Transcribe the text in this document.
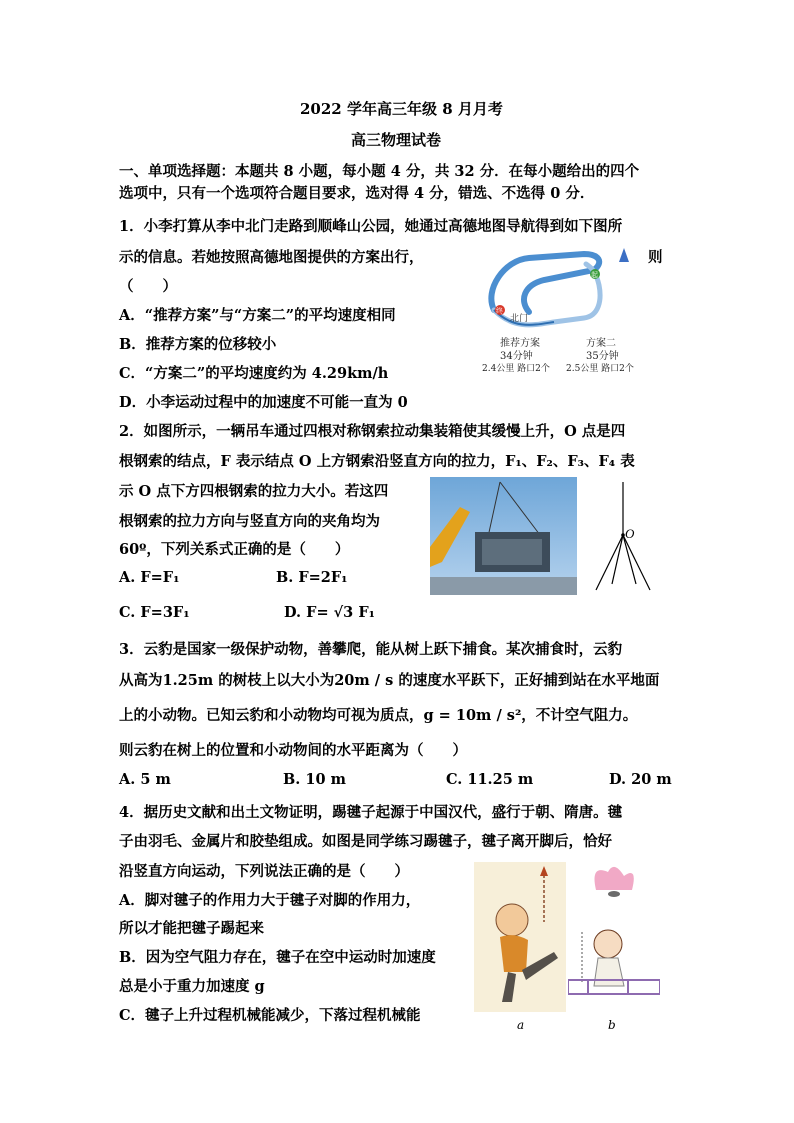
2022 学年高三年级 8 月月考
高三物理试卷
一、单项选择题：本题共 8 小题，每小题 4 分，共 32 分．在每小题给出的四个
选项中，只有一个选项符合题目要求，选对得 4 分，错选、不选得 0 分．
1．小李打算从李中北门走路到顺峰山公园，她通过高德地图导航得到如下图所
示的信息。若她按照高德地图提供的方案出行，	则
（　　）
A．“推荐方案”与“方案二”的平均速度相同
B．推荐方案的位移较小
C．“方案二”的平均速度约为 4.29km/h
D．小李运动过程中的加速度不可能一直为 0
终
北门
起
推荐方案
34分钟
2.4公里 路口2个
方案二
35分钟
2.5公里 路口2个
2．如图所示，一辆吊车通过四根对称钢索拉动集装箱使其缓慢上升，O 点是四
根钢索的结点，F 表示结点 O 上方钢索沿竖直方向的拉力，F₁、F₂、F₃、F₄ 表
示 O 点下方四根钢索的拉力大小。若这四
根钢索的拉力方向与竖直方向的夹角均为
60º，下列关系式正确的是（　　）
A. F=F₁	B. F=2F₁
C. F=3F₁	D. F= √3 F₁
O
3．云豹是国家一级保护动物，善攀爬，能从树上跃下捕食。某次捕食时，云豹
从高为1.25m 的树枝上以大小为20m / s 的速度水平跃下，正好捕到站在水平地面
上的小动物。已知云豹和小动物均可视为质点，g = 10m / s²，不计空气阻力。
则云豹在树上的位置和小动物间的水平距离为（　　）
A. 5 m	B. 10 m	C. 11.25 m	D. 20 m
4．据历史文献和出土文物证明，踢毽子起源于中国汉代，盛行于朝、隋唐。毽
子由羽毛、金属片和胶垫组成。如图是同学练习踢毽子，毽子离开脚后，恰好
沿竖直方向运动，下列说法正确的是（　　）
A．脚对毽子的作用力大于毽子对脚的作用力，
所以才能把毽子踢起来
B．因为空气阻力存在，毽子在空中运动时加速度
总是小于重力加速度 g
C．毽子上升过程机械能减少，下落过程机械能
a	b
